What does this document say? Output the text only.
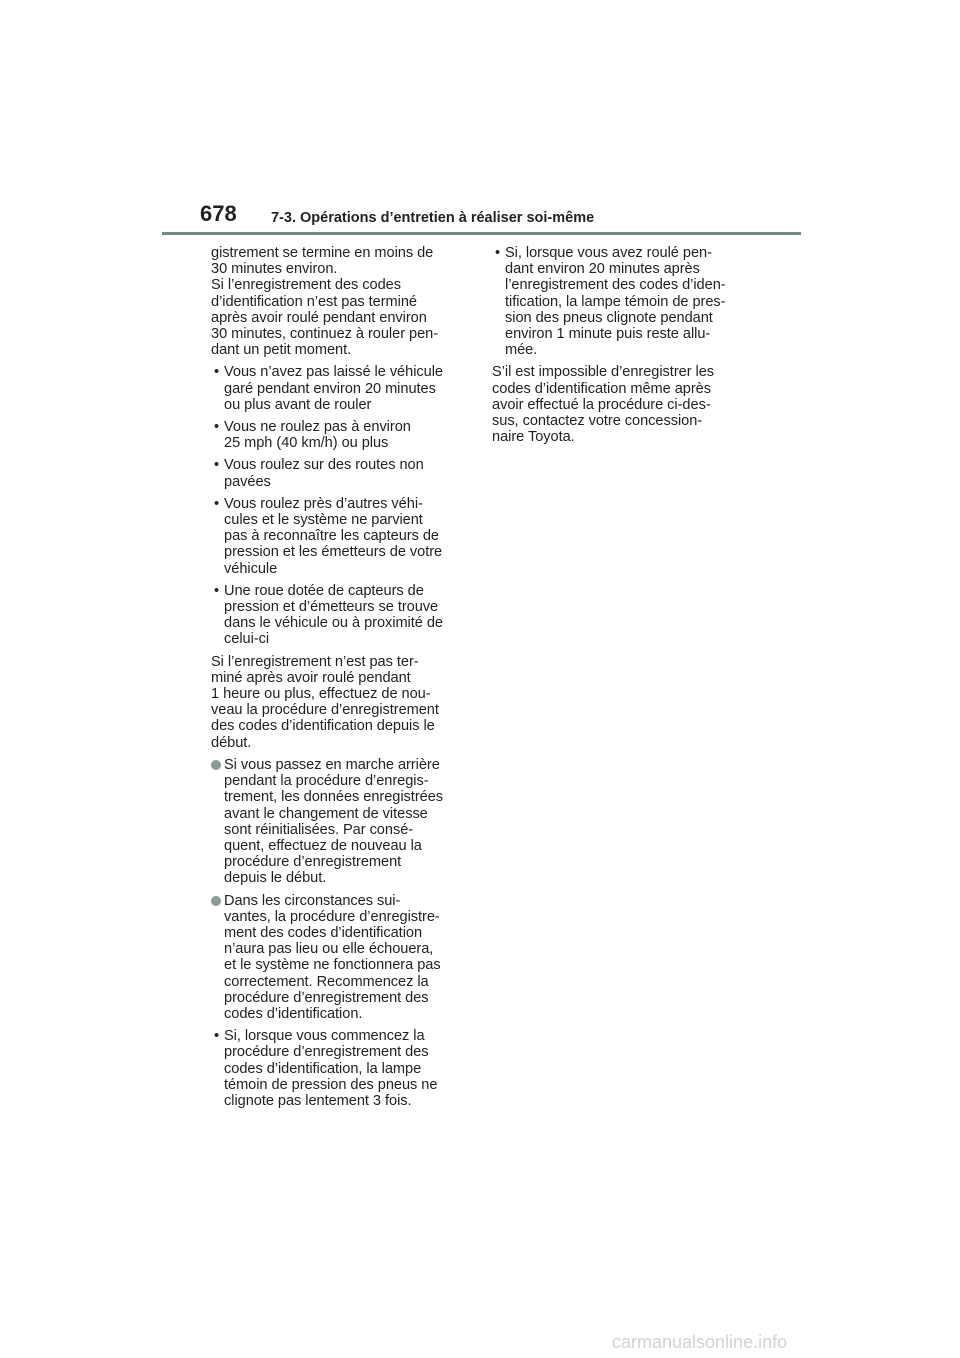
678 7-3. Opérations d’entretien à réaliser soi-même
gistrement se termine en moins de
30 minutes environ.
Si l’enregistrement des codes
d’identification n’est pas terminé
après avoir roulé pendant environ
30 minutes, continuez à rouler pen-
dant un petit moment.
• Vous n’avez pas laissé le véhicule
garé pendant environ 20 minutes
ou plus avant de rouler
• Vous ne roulez pas à environ
25 mph (40 km/h) ou plus
• Vous roulez sur des routes non
pavées
• Vous roulez près d’autres véhi-
cules et le système ne parvient
pas à reconnaître les capteurs de
pression et les émetteurs de votre
véhicule
• Une roue dotée de capteurs de
pression et d’émetteurs se trouve
dans le véhicule ou à proximité de
celui-ci
Si l’enregistrement n’est pas ter-
miné après avoir roulé pendant
1 heure ou plus, effectuez de nou-
veau la procédure d’enregistrement
des codes d’identification depuis le
début.
Si vous passez en marche arrière
pendant la procédure d’enregis-
trement, les données enregistrées
avant le changement de vitesse
sont réinitialisées. Par consé-
quent, effectuez de nouveau la
procédure d’enregistrement
depuis le début.
Dans les circonstances sui-
vantes, la procédure d’enregistre-
ment des codes d’identification
n’aura pas lieu ou elle échouera,
et le système ne fonctionnera pas
correctement. Recommencez la
procédure d’enregistrement des
codes d’identification.
• Si, lorsque vous commencez la
procédure d’enregistrement des
codes d’identification, la lampe
témoin de pression des pneus ne
clignote pas lentement 3 fois.
• Si, lorsque vous avez roulé pen-
dant environ 20 minutes après
l’enregistrement des codes d’iden-
tification, la lampe témoin de pres-
sion des pneus clignote pendant
environ 1 minute puis reste allu-
mée.
S’il est impossible d’enregistrer les
codes d’identification même après
avoir effectué la procédure ci-des-
sus, contactez votre concession-
naire Toyota.
carmanualsonline.info
